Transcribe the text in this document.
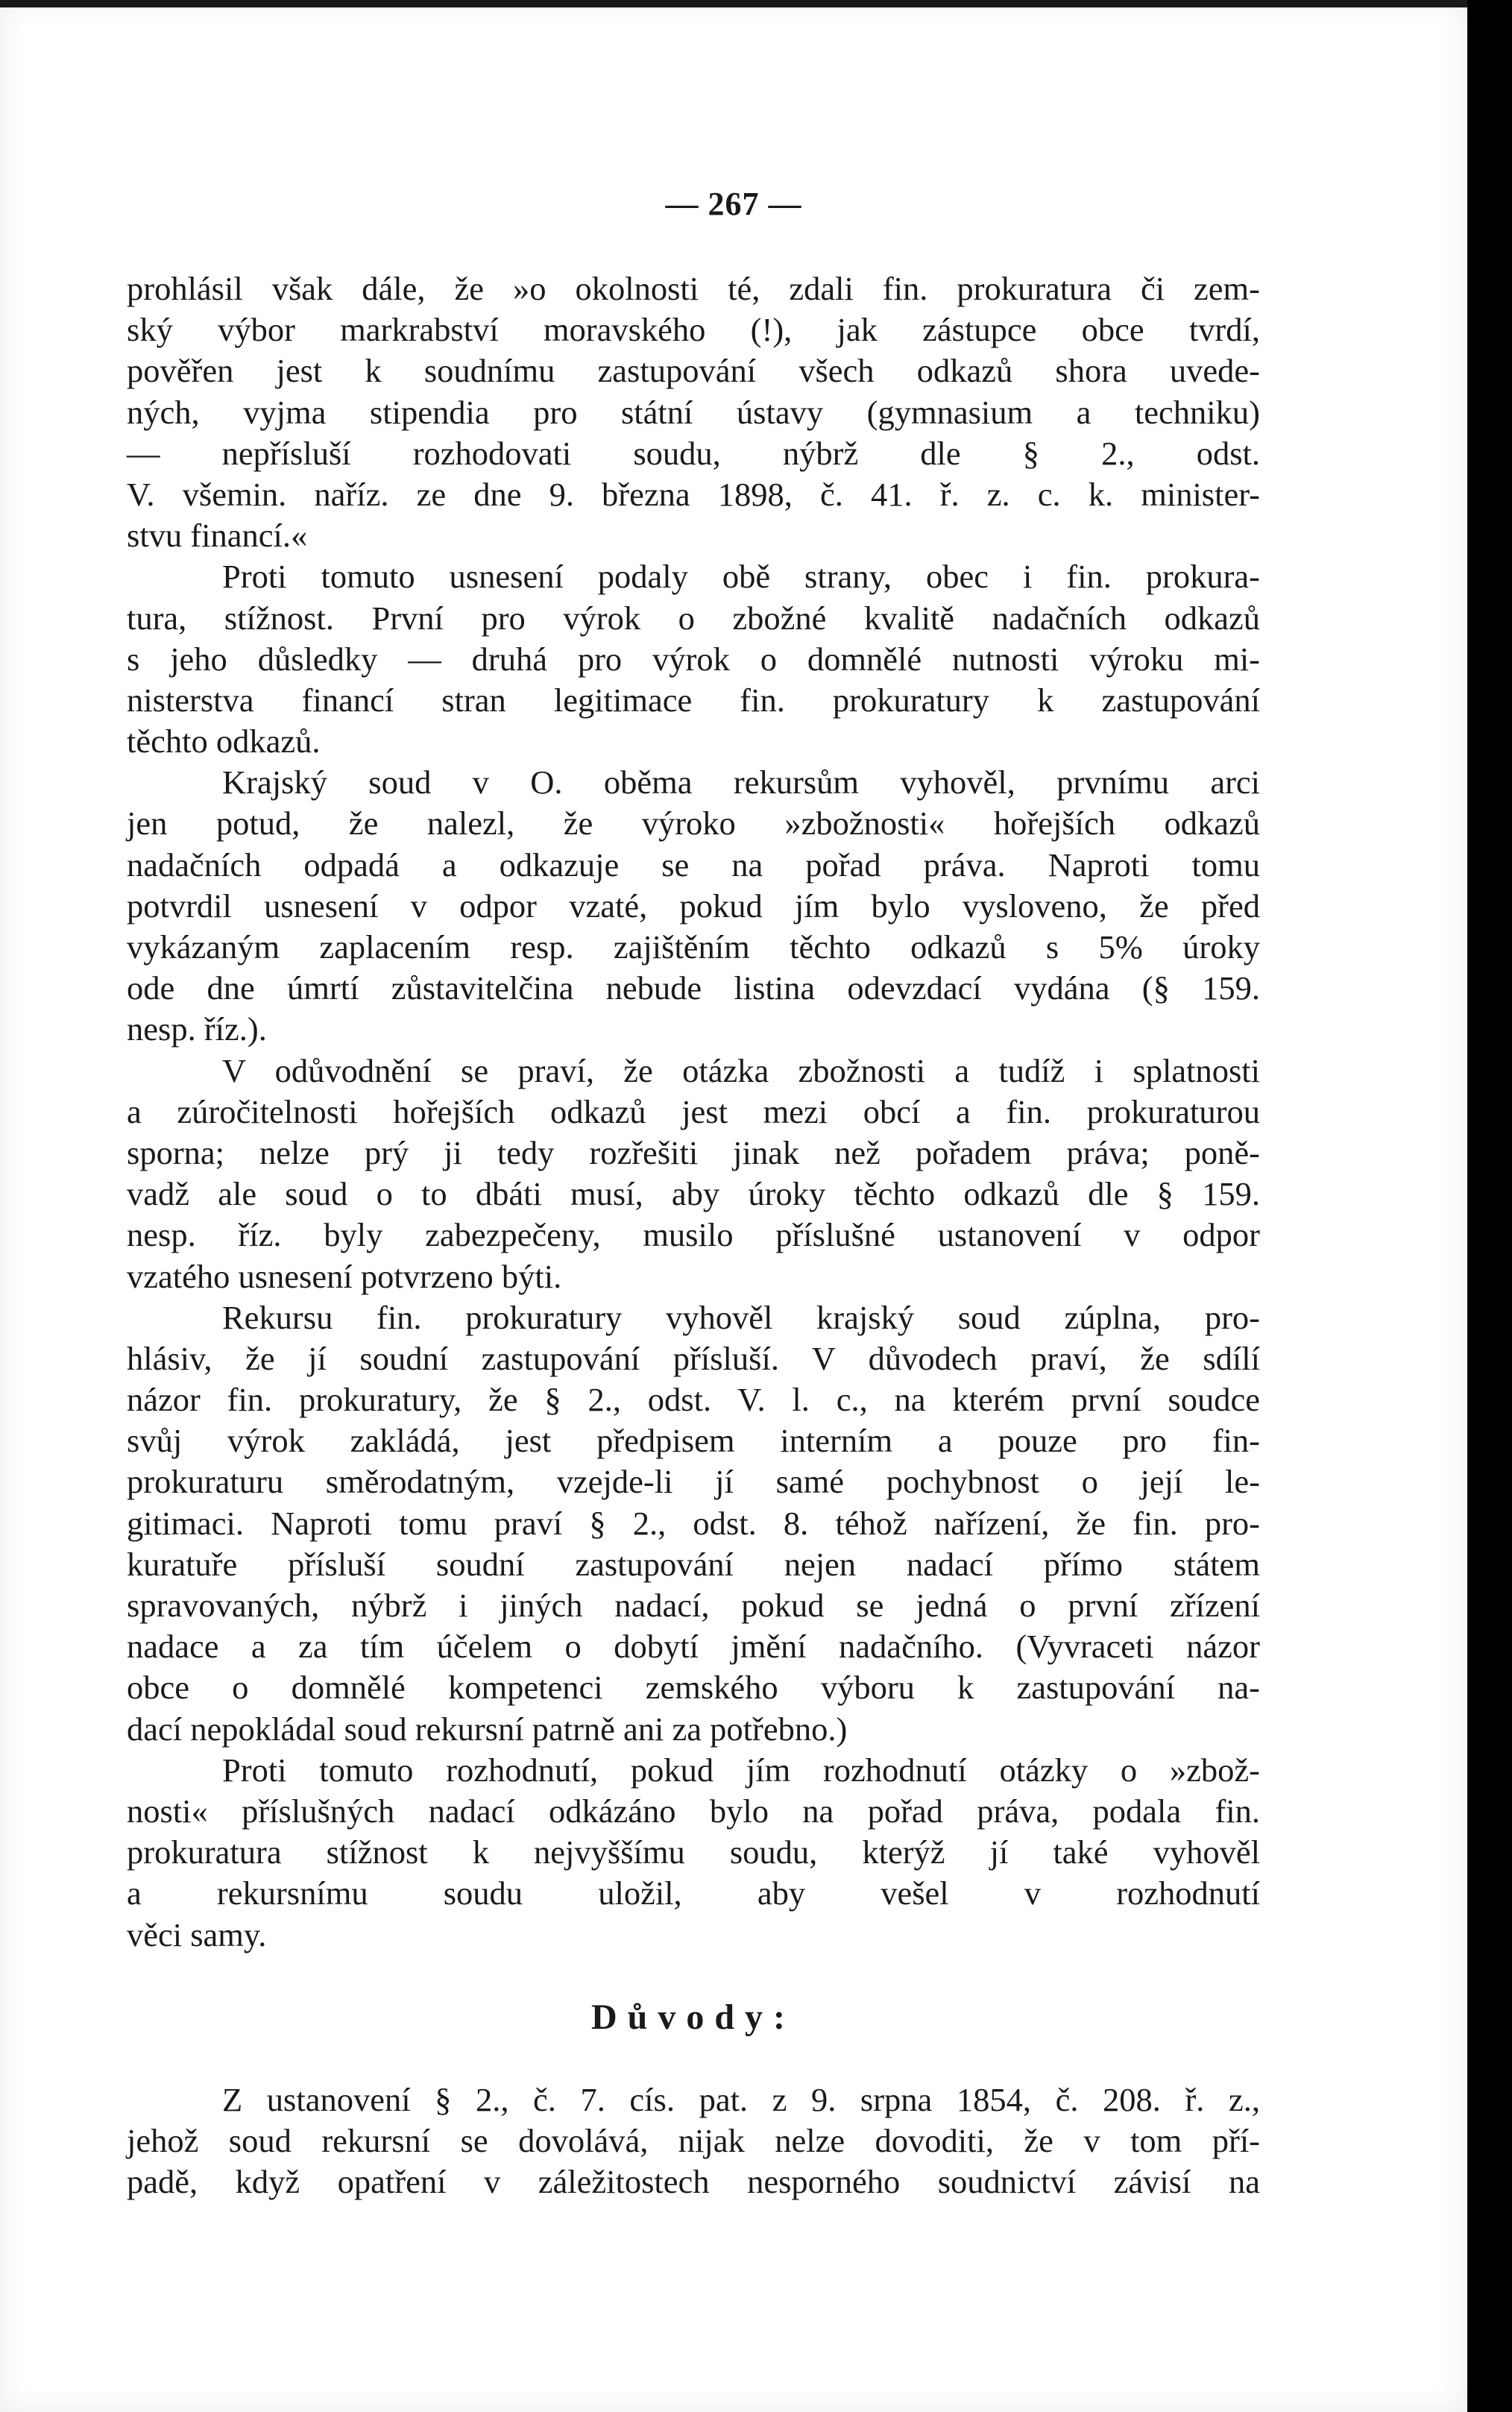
— 267 —
prohlásil však dále, že »o okolnosti té, zdali fin. prokuratura či zem-
ský výbor markrabství moravského (!), jak zástupce obce tvrdí,
pověřen jest k soudnímu zastupování všech odkazů shora uvede-
ných, vyjma stipendia pro státní ústavy (gymnasium a techniku)
— nepřísluší rozhodovati soudu, nýbrž dle § 2., odst.
V. všemin. naříz. ze dne 9. března 1898, č. 41. ř. z. c. k. minister-
stvu financí.«
Proti tomuto usnesení podaly obě strany, obec i fin. prokura-
tura, stížnost. První pro výrok o zbožné kvalitě nadačních odkazů
s jeho důsledky — druhá pro výrok o domnělé nutnosti výroku mi-
nisterstva financí stran legitimace fin. prokuratury k zastupování
těchto odkazů.
Krajský soud v O. oběma rekursům vyhověl, prvnímu arci
jen potud, že nalezl, že výroko »zbožnosti« hořejších odkazů
nadačních odpadá a odkazuje se na pořad práva. Naproti tomu
potvrdil usnesení v odpor vzaté, pokud jím bylo vysloveno, že před
vykázaným zaplacením resp. zajištěním těchto odkazů s 5% úroky
ode dne úmrtí zůstavitelčina nebude listina odevzdací vydána (§ 159.
nesp. říz.).
V odůvodnění se praví, že otázka zbožnosti a tudíž i splatnosti
a zúročitelnosti hořejších odkazů jest mezi obcí a fin. prokuraturou
sporna; nelze prý ji tedy rozřešiti jinak než pořadem práva; poně-
vadž ale soud o to dbáti musí, aby úroky těchto odkazů dle § 159.
nesp. říz. byly zabezpečeny, musilo příslušné ustanovení v odpor
vzatého usnesení potvrzeno býti.
Rekursu fin. prokuratury vyhověl krajský soud zúplna, pro-
hlásiv, že jí soudní zastupování přísluší. V důvodech praví, že sdílí
názor fin. prokuratury, že § 2., odst. V. l. c., na kterém první soudce
svůj výrok zakládá, jest předpisem interním a pouze pro fin-
prokuraturu směrodatným, vzejde-li jí samé pochybnost o její le-
gitimaci. Naproti tomu praví § 2., odst. 8. téhož nařízení, že fin. pro-
kuratuře přísluší soudní zastupování nejen nadací přímo státem
spravovaných, nýbrž i jiných nadací, pokud se jedná o první zřízení
nadace a za tím účelem o dobytí jmění nadačního. (Vyvraceti názor
obce o domnělé kompetenci zemského výboru k zastupování na-
dací nepokládal soud rekursní patrně ani za potřebno.)
Proti tomuto rozhodnutí, pokud jím rozhodnutí otázky o »zbož-
nosti« příslušných nadací odkázáno bylo na pořad práva, podala fin.
prokuratura stížnost k nejvyššímu soudu, kterýž jí také vyhověl
a rekursnímu soudu uložil, aby vešel v rozhodnutí
věci samy.
Důvody:
Z ustanovení § 2., č. 7. cís. pat. z 9. srpna 1854, č. 208. ř. z.,
jehož soud rekursní se dovolává, nijak nelze dovoditi, že v tom pří-
padě, když opatření v záležitostech nesporného soudnictví závisí na
